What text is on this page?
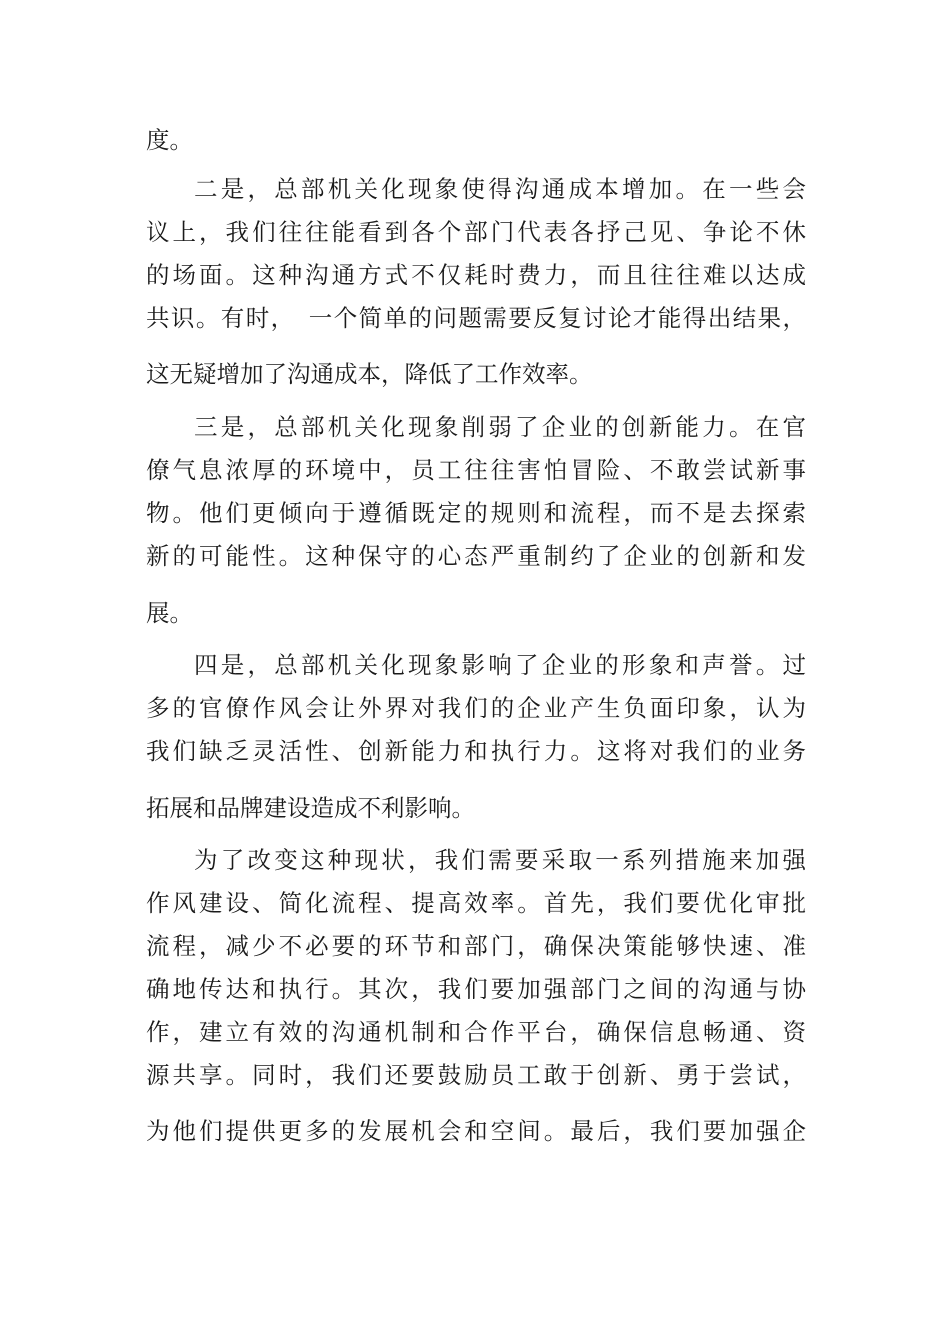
度。
二是，总部机关化现象使得沟通成本增加。在一些会
议上，我们往往能看到各个部门代表各抒己见、争论不休
的场面。这种沟通方式不仅耗时费力，而且往往难以达成
共识。有时，　一个简单的问题需要反复讨论才能得出结果，
这无疑增加了沟通成本，降低了工作效率。
三是，总部机关化现象削弱了企业的创新能力。在官
僚气息浓厚的环境中，员工往往害怕冒险、不敢尝试新事
物。他们更倾向于遵循既定的规则和流程，而不是去探索
新的可能性。这种保守的心态严重制约了企业的创新和发
展。
四是，总部机关化现象影响了企业的形象和声誉。过
多的官僚作风会让外界对我们的企业产生负面印象，认为
我们缺乏灵活性、创新能力和执行力。这将对我们的业务
拓展和品牌建设造成不利影响。
为了改变这种现状，我们需要采取一系列措施来加强
作风建设、简化流程、提高效率。首先，我们要优化审批
流程，减少不必要的环节和部门，确保决策能够快速、准
确地传达和执行。其次，我们要加强部门之间的沟通与协
作，建立有效的沟通机制和合作平台，确保信息畅通、资
源共享。同时，我们还要鼓励员工敢于创新、勇于尝试，
为他们提供更多的发展机会和空间。最后，我们要加强企
